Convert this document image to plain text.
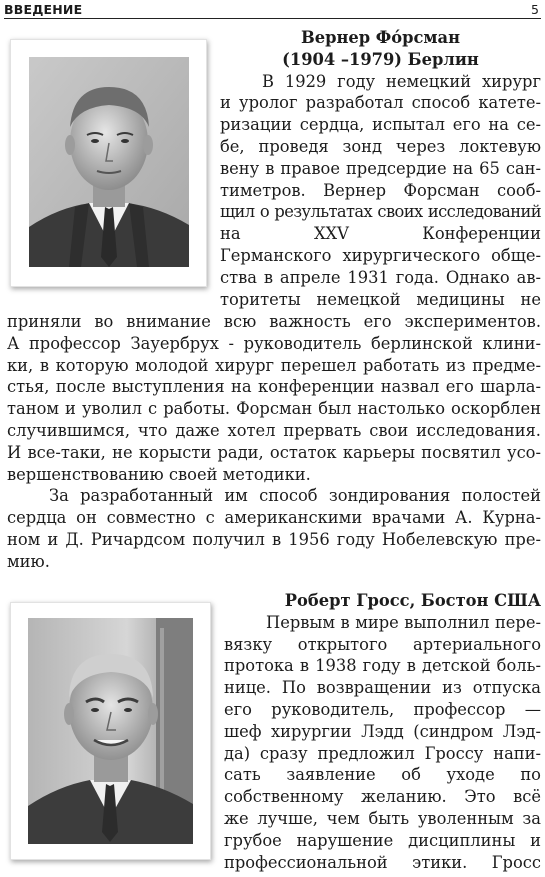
ВВЕДЕНИЕ	5
Вернер Фо́рсман
(1904 –1979) Берлин
В 1929 году немецкий хирург
и уролог разработал способ катете-
ризации сердца, испытал его на се-
бе, проведя зонд через локтевую
вену в правое предсердие на 65 сан-
тиметров. Вернер Форсман сооб-
щил о результатах своих исследований
на XXV Конференции
Германского хирургического обще-
ства в апреле 1931 года. Однако ав-
торитеты немецкой медицины не
приняли во внимание всю важность его экспериментов.
А профессор Зауербрух - руководитель берлинской клини-
ки, в которую молодой хирург перешел работать из предме-
стья, после выступления на конференции назвал его шарла-
таном и уволил с работы. Форсман был настолько оскорблен
случившимся, что даже хотел прервать свои исследования.
И все-таки, не корысти ради, остаток карьеры посвятил усо-
вершенствованию своей методики.
За разработанный им способ зондирования полостей
сердца он совместно с американскими врачами А. Курна-
ном и Д. Ричардсом получил в 1956 году Нобелевскую пре-
мию.
Роберт Гросс, Бостон США
Первым в мире выполнил пере-
вязку открытого артериального
протока в 1938 году в детской боль-
нице. По возвращении из отпуска
его руководитель, профессор —
шеф хирургии Лэдд (синдром Лэд-
да) сразу предложил Гроссу напи-
сать заявление об уходе по
собственному желанию. Это всё
же лучше, чем быть уволенным за
грубое нарушение дисциплины и
профессиональной этики. Гросс
